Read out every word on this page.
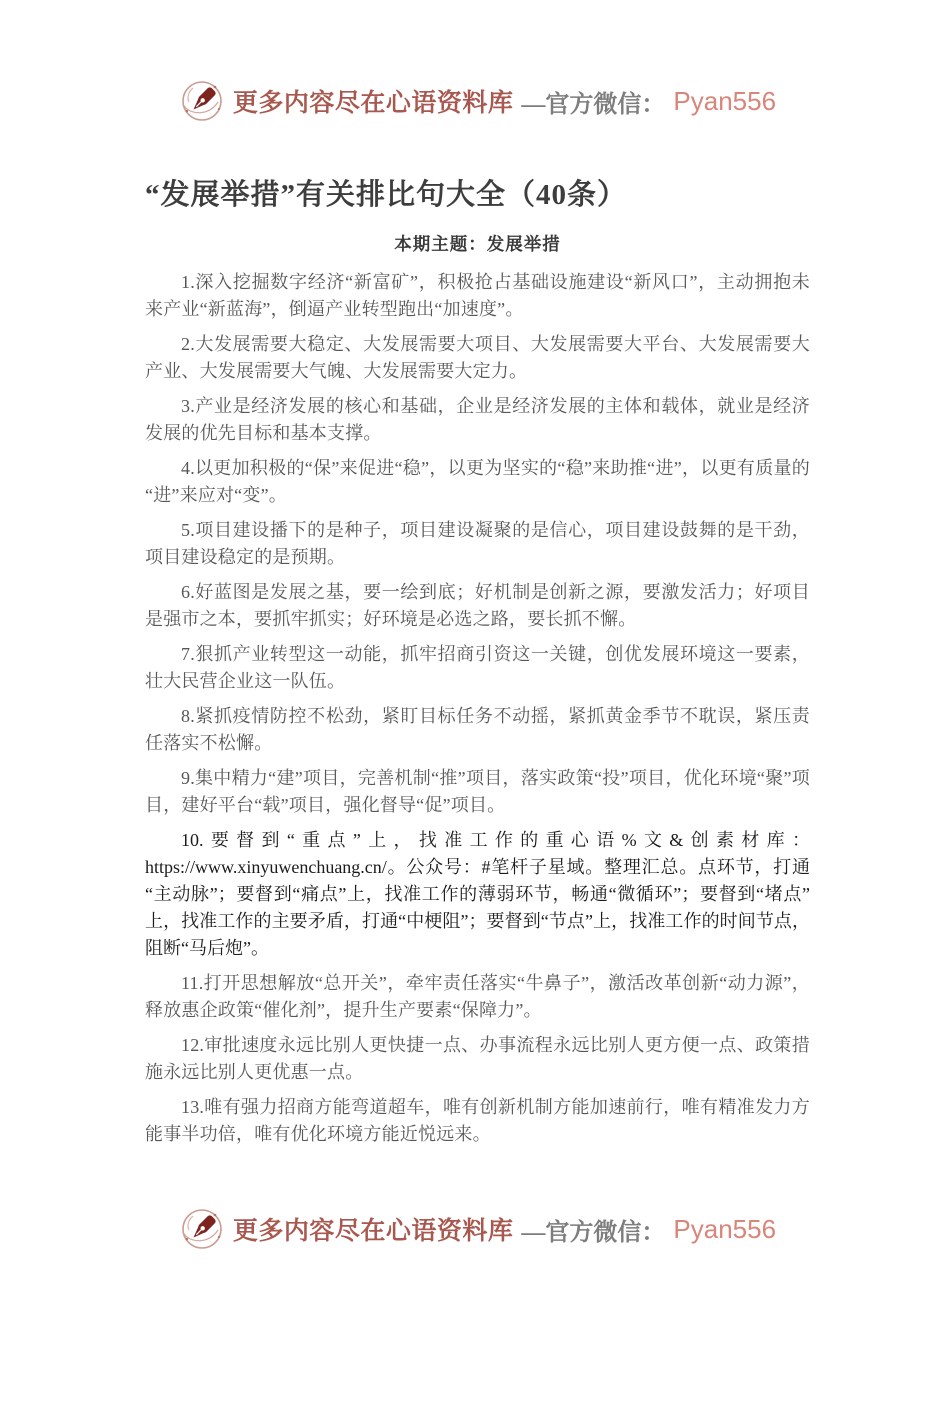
更多内容尽在心语资料库 —官方微信： Pyan556
“发展举措”有关排比句大全（40条）
本期主题：发展举措

1.深入挖掘数字经济“新富矿”，积极抢占基础设施建设“新风口”，主动拥抱未来产业“新蓝海”，倒逼产业转型跑出“加速度”。

2.大发展需要大稳定、大发展需要大项目、大发展需要大平台、大发展需要大产业、大发展需要大气魄、大发展需要大定力。

3.产业是经济发展的核心和基础，企业是经济发展的主体和载体，就业是经济发展的优先目标和基本支撑。

4.以更加积极的“保”来促进“稳”，以更为坚实的“稳”来助推“进”，以更有质量的“进”来应对“变”。

5.项目建设播下的是种子，项目建设凝聚的是信心，项目建设鼓舞的是干劲，项目建设稳定的是预期。

6.好蓝图是发展之基，要一绘到底；好机制是创新之源，要激发活力；好项目是强市之本，要抓牢抓实；好环境是必选之路，要长抓不懈。

7.狠抓产业转型这一动能，抓牢招商引资这一关键，创优发展环境这一要素，壮大民营企业这一队伍。

8.紧抓疫情防控不松劲，紧盯目标任务不动摇，紧抓黄金季节不耽误，紧压责任落实不松懈。

9.集中精力“建”项目，完善机制“推”项目，落实政策“投”项目，优化环境“聚”项目，建好平台“载”项目，强化督导“促”项目。

10.要督到“重点”上，找准工作的重心语%文&创素材库：https://www.xinyuwenchuang.cn/。公众号：#笔杆子星域。整理汇总。点环节，打通“主动脉”；要督到“痛点”上，找准工作的薄弱环节，畅通“微循环”；要督到“堵点”上，找准工作的主要矛盾，打通“中梗阻”；要督到“节点”上，找准工作的时间节点，阻断“马后炮”。

11.打开思想解放“总开关”，牵牢责任落实“牛鼻子”，激活改革创新“动力源”，释放惠企政策“催化剂”，提升生产要素“保障力”。

12.审批速度永远比别人更快捷一点、办事流程永远比别人更方便一点、政策措施永远比别人更优惠一点。

13.唯有强力招商方能弯道超车，唯有创新机制方能加速前行，唯有精准发力方能事半功倍，唯有优化环境方能近悦远来。

更多内容尽在心语资料库 —官方微信： Pyan556
